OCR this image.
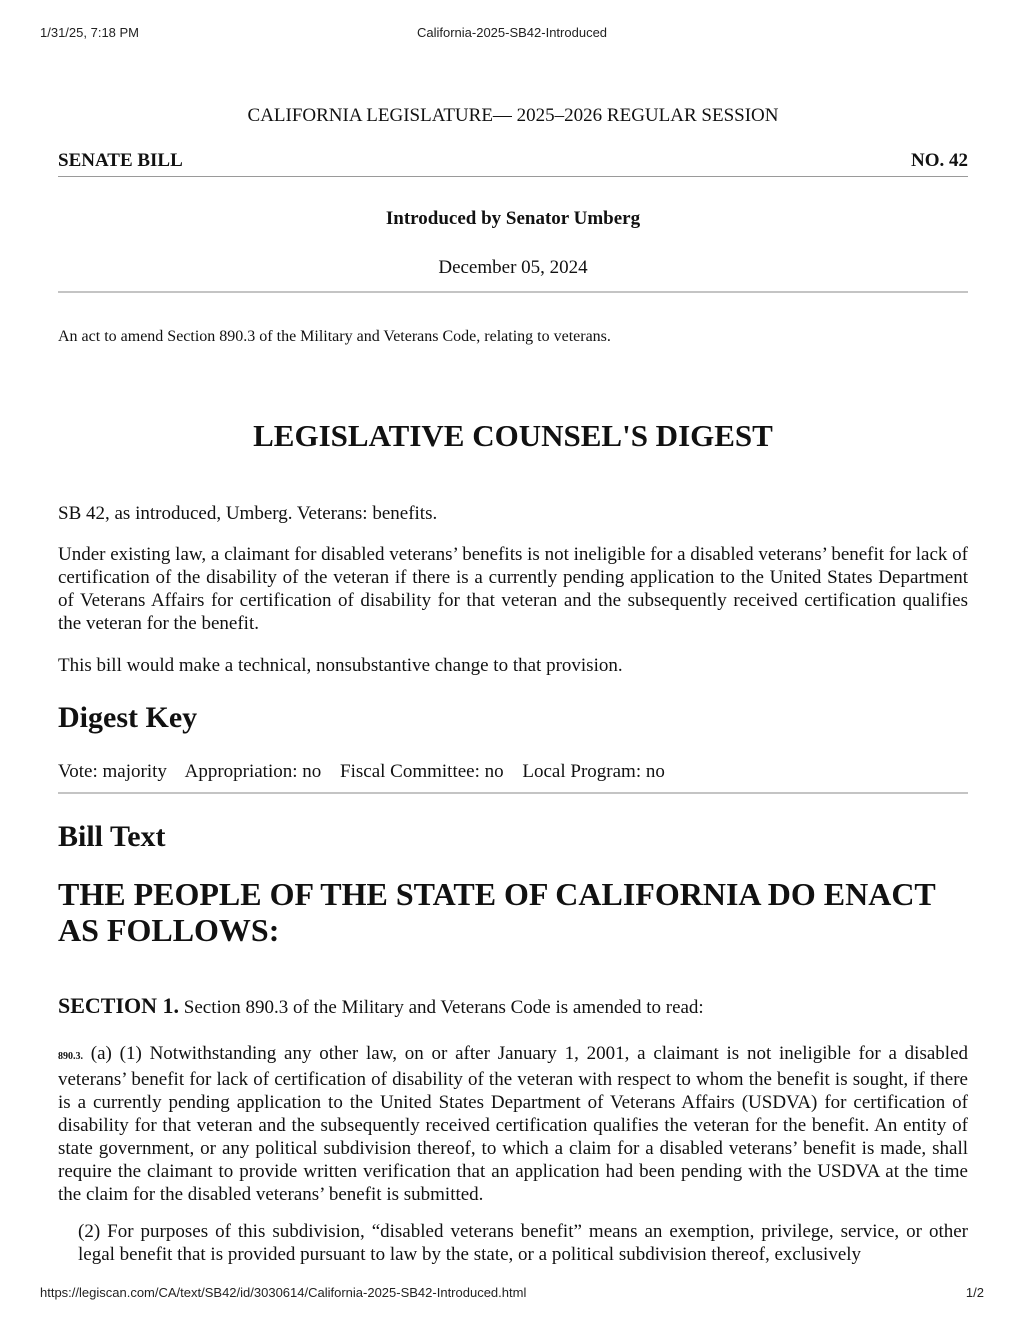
1/31/25, 7:18 PM	California-2025-SB42-Introduced
CALIFORNIA LEGISLATURE— 2025–2026 REGULAR SESSION
SENATE BILL	NO. 42
Introduced by Senator Umberg
December 05, 2024
An act to amend Section 890.3 of the Military and Veterans Code, relating to veterans.
LEGISLATIVE COUNSEL'S DIGEST

SB 42, as introduced, Umberg. Veterans: benefits.

Under existing law, a claimant for disabled veterans’ benefits is not ineligible for a disabled veterans’ benefit for lack of certification of the disability of the veteran if there is a currently pending application to the United States Department of Veterans Affairs for certification of disability for that veteran and the subsequently received certification qualifies the veteran for the benefit.

This bill would make a technical, nonsubstantive change to that provision.

Digest Key

Vote: majority Appropriation: no Fiscal Committee: no Local Program: no

Bill Text
THE PEOPLE OF THE STATE OF CALIFORNIA DO ENACT AS FOLLOWS:

SECTION 1. Section 890.3 of the Military and Veterans Code is amended to read:

890.3. (a) (1) Notwithstanding any other law, on or after January 1, 2001, a claimant is not ineligible for a disabled veterans’ benefit for lack of certification of disability of the veteran with respect to whom the benefit is sought, if there is a currently pending application to the United States Department of Veterans Affairs (USDVA) for certification of disability for that veteran and the subsequently received certification qualifies the veteran for the benefit. An entity of state government, or any political subdivision thereof, to which a claim for a disabled veterans’ benefit is made, shall require the claimant to provide written verification that an application had been pending with the USDVA at the time the claim for the disabled veterans’ benefit is submitted.

(2) For purposes of this subdivision, “disabled veterans benefit” means an exemption, privilege, service, or other legal benefit that is provided pursuant to law by the state, or a political subdivision thereof, exclusively

https://legiscan.com/CA/text/SB42/id/3030614/California-2025-SB42-Introduced.html	1/2
